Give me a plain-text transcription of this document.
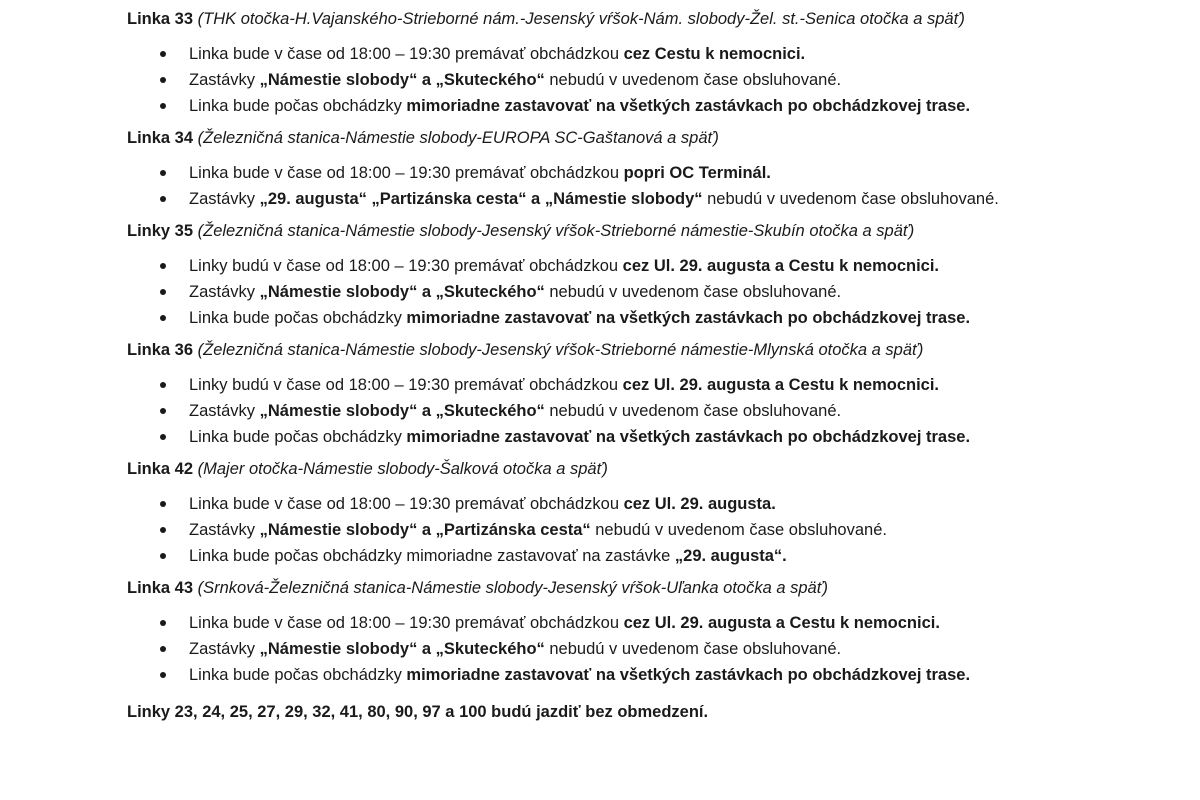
Linka 33 (THK otočka-H.Vajanského-Strieborné nám.-Jesenský vŕšok-Nám. slobody-Žel. st.-Senica otočka a späť)

Linka bude v čase od 18:00 – 19:30 premávať obchádzkou cez Cestu k nemocnici.
Zastávky „Námestie slobody“ a „Skuteckého“ nebudú v uvedenom čase obsluhované.
Linka bude počas obchádzky mimoriadne zastavovať na všetkých zastávkach po obchádzkovej trase.

Linka 34 (Železničná stanica-Námestie slobody-EUROPA SC-Gaštanová a späť)

Linka bude v čase od 18:00 – 19:30 premávať obchádzkou popri OC Terminál.
Zastávky „29. augusta“ „Partizánska cesta“ a „Námestie slobody“ nebudú v uvedenom čase obsluhované.

Linky 35 (Železničná stanica-Námestie slobody-Jesenský vŕšok-Strieborné námestie-Skubín otočka a späť)

Linky budú v čase od 18:00 – 19:30 premávať obchádzkou cez Ul. 29. augusta a Cestu k nemocnici.
Zastávky „Námestie slobody“ a „Skuteckého“ nebudú v uvedenom čase obsluhované.
Linka bude počas obchádzky mimoriadne zastavovať na všetkých zastávkach po obchádzkovej trase.

Linka 36 (Železničná stanica-Námestie slobody-Jesenský vŕšok-Strieborné námestie-Mlynská otočka a späť)

Linky budú v čase od 18:00 – 19:30 premávať obchádzkou cez Ul. 29. augusta a Cestu k nemocnici.
Zastávky „Námestie slobody“ a „Skuteckého“ nebudú v uvedenom čase obsluhované.
Linka bude počas obchádzky mimoriadne zastavovať na všetkých zastávkach po obchádzkovej trase.

Linka 42 (Majer otočka-Námestie slobody-Šalková otočka a späť)

Linka bude v čase od 18:00 – 19:30 premávať obchádzkou cez Ul. 29. augusta.
Zastávky „Námestie slobody“ a „Partizánska cesta“ nebudú v uvedenom čase obsluhované.
Linka bude počas obchádzky mimoriadne zastavovať na zastávke „29. augusta“.

Linka 43 (Srnková-Železničná stanica-Námestie slobody-Jesenský vŕšok-Uľanka otočka a späť)

Linka bude v čase od 18:00 – 19:30 premávať obchádzkou cez Ul. 29. augusta a Cestu k nemocnici.
Zastávky „Námestie slobody“ a „Skuteckého“ nebudú v uvedenom čase obsluhované.
Linka bude počas obchádzky mimoriadne zastavovať na všetkých zastávkach po obchádzkovej trase.

Linky 23, 24, 25, 27, 29, 32, 41, 80, 90, 97 a 100 budú jazdiť bez obmedzení.
